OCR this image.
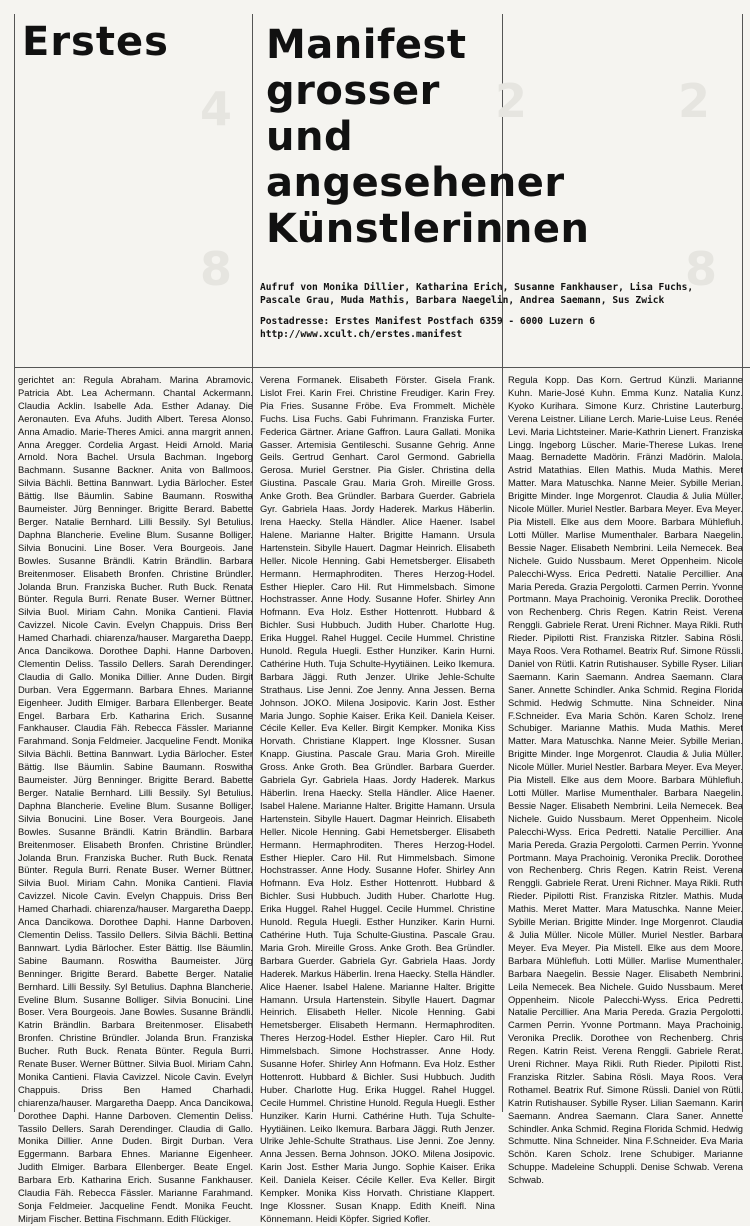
2	2
4
8	8
Erstes Manifest
grosser
und
angesehener
Künstlerinnen

Aufruf von Monika Dillier, Katharina Erich, Susanne Fankhauser, Lisa Fuchs, Pascale Grau, Muda Mathis, Barbara Naegelin, Andrea Saemann, Sus Zwick

Postadresse: Erstes Manifest Postfach 6359 - 6000 Luzern 6

http://www.xcult.ch/erstes.manifest

gerichtet an: Regula Abraham. Marina Abramovic. Patricia Abt. Lea Achermann. Chantal Ackermann. Claudia Acklin. Isabelle Ada. Esther Adanay. Die Aeronauten. Eva Afuhs. Judith Albert. Teresa Alonso. Anna Amadio. Marie-Theres Amici. anna margrit annen. Anna Aregger. Cordelia Argast. Heidi Arnold. Maria Arnold. Nora Bachel. Ursula Bachman. Ingeborg Bachmann. Susanne Backner. Anita von Ballmoos. Silvia Bächli. Bettina Bannwart. Lydia Bärlocher. Ester Bättig. Ilse Bäumlin. Sabine Baumann. Roswitha Baumeister. Jürg Benninger. Brigitte Berard. Babette Berger. Natalie Bernhard. Lilli Bessily. Syl Betulius. Daphna Blancherie. Eveline Blum. Susanne Bolliger. Silvia Bonucini. Line Boser. Vera Bourgeois. Jane Bowles. Susanne Brändli. Katrin Brändlin. Barbara Breitenmoser. Elisabeth Bronfen. Christine Bründler. Jolanda Brun. Franziska Bucher. Ruth Buck. Renata Bünter. Regula Burri. Renate Buser. Werner Büttner. Silvia Buol. Miriam Cahn. Monika Cantieni. Flavia Cavizzel. Nicole Cavin. Evelyn Chappuis. Driss Ben Hamed Charhadi. chiarenza/hauser. Margaretha Daepp. Anca Dancikowa. Dorothee Daphi. Hanne Darboven. Clementin Deliss. Tassilo Dellers. Sarah Derendinger. Claudia di Gallo. Monika Dillier. Anne Duden. Birgit Durban. Vera Eggermann. Barbara Ehnes. Marianne Eigenheer. Judith Elmiger. Barbara Ellenberger. Beate Engel. Barbara Erb. Katharina Erich. Susanne Fankhauser. Claudia Fäh. Rebecca Fässler. Marianne Farahmand. Sonja Feldmeier. Jacqueline Fendt. Monika Silvia Bächli. Bettina Bannwart. Lydia Bärlocher. Ester Bättig. Ilse Bäumlin. Sabine Baumann. Roswitha Baumeister. Jürg Benninger. Brigitte Berard. Babette Berger. Natalie Bernhard. Lilli Bessily. Syl Betulius. Daphna Blancherie. Eveline Blum. Susanne Bolliger. Silvia Bonucini. Line Boser. Vera Bourgeois. Jane Bowles. Susanne Brändli. Katrin Brändlin. Barbara Breitenmoser. Elisabeth Bronfen. Christine Bründler. Jolanda Brun. Franziska Bucher. Ruth Buck. Renata Bünter. Regula Burri. Renate Buser. Werner Büttner. Silvia Buol. Miriam Cahn. Monika Cantieni. Flavia Cavizzel. Nicole Cavin. Evelyn Chappuis. Driss Ben Hamed Charhadi. chiarenza/hauser. Margaretha Daepp. Anca Dancikowa. Dorothee Daphi. Hanne Darboven. Clementin Deliss. Tassilo Dellers. Silvia Bächli. Bettina Bannwart. Lydia Bärlocher. Ester Bättig. Ilse Bäumlin. Sabine Baumann. Roswitha Baumeister. Jürg Benninger. Brigitte Berard. Babette Berger. Natalie Bernhard. Lilli Bessily. Syl Betulius. Daphna Blancherie. Eveline Blum. Susanne Bolliger. Silvia Bonucini. Line Boser. Vera Bourgeois. Jane Bowles. Susanne Brändli. Katrin Brändlin. Barbara Breitenmoser. Elisabeth Bronfen. Christine Bründler. Jolanda Brun. Franziska Bucher. Ruth Buck. Renata Bünter. Regula Burri. Renate Buser. Werner Büttner. Silvia Buol. Miriam Cahn. Monika Cantieni. Flavia Cavizzel. Nicole Cavin. Evelyn Chappuis. Driss Ben Hamed Charhadi. chiarenza/hauser. Margaretha Daepp. Anca Dancikowa. Dorothee Daphi. Hanne Darboven. Clementin Deliss. Tassilo Dellers. Sarah Derendinger. Claudia di Gallo. Monika Dillier. Anne Duden. Birgit Durban. Vera Eggermann. Barbara Ehnes. Marianne Eigenheer. Judith Elmiger. Barbara Ellenberger. Beate Engel. Barbara Erb. Katharina Erich. Susanne Fankhauser. Claudia Fäh. Rebecca Fässler. Marianne Farahmand. Sonja Feldmeier. Jacqueline Fendt. Monika Feucht. Mirjam Fischer. Bettina Fischmann. Edith Flückiger.

Verena Formanek. Elisabeth Förster. Gisela Frank. Lislot Frei. Karin Frei. Christine Freudiger. Karin Frey. Pia Fries. Susanne Fröbe. Eva Frommelt. Michèle Fuchs. Lisa Fuchs. Gabi Fuhrimann. Franziska Furter. Federica Gärtner. Ariane Gaffron. Laura Gallati. Monika Gasser. Artemisia Gentileschi. Susanne Gehrig. Anne Geils. Gertrud Genhart. Carol Germond. Gabriella Gerosa. Muriel Gerstner. Pia Gisler. Christina della Giustina. Pascale Grau. Maria Groh. Mireille Gross. Anke Groth. Bea Gründler. Barbara Guerder. Gabriela Gyr. Gabriela Haas. Jordy Haderek. Markus Häberlin. Irena Haecky. Stella Händler. Alice Haener. Isabel Halene. Marianne Halter. Brigitte Hamann. Ursula Hartenstein. Sibylle Hauert. Dagmar Heinrich. Elisabeth Heller. Nicole Henning. Gabi Hemetsberger. Elisabeth Hermann. Hermaphroditen. Theres Herzog-Hodel. Esther Hiepler. Caro Hil. Rut Himmelsbach. Simone Hochstrasser. Anne Hody. Susanne Hofer. Shirley Ann Hofmann. Eva Holz. Esther Hottenrott. Hubbard & Bichler. Susi Hubbuch. Judith Huber. Charlotte Hug. Erika Huggel. Rahel Huggel. Cecile Hummel. Christine Hunold. Regula Huegli. Esther Hunziker. Karin Hurni. Cathérine Huth. Tuja Schulte-Hyytiäinen. Leiko Ikemura. Barbara Jäggi. Ruth Jenzer. Ulrike Jehle-Schulte Strathaus. Lise Jenni. Zoe Jenny. Anna Jessen. Berna Johnson. JOKO. Milena Josipovic. Karin Jost. Esther Maria Jungo. Sophie Kaiser. Erika Keil. Daniela Keiser. Cécile Keller. Eva Keller. Birgit Kempker. Monika Kiss Horvath. Christiane Klappert. Inge Klossner. Susan Knapp. Giustina. Pascale Grau. Maria Groh. Mireille Gross. Anke Groth. Bea Gründler. Barbara Guerder. Gabriela Gyr. Gabriela Haas. Jordy Haderek. Markus Häberlin. Irena Haecky. Stella Händler. Alice Haener. Isabel Halene. Marianne Halter. Brigitte Hamann. Ursula Hartenstein. Sibylle Hauert. Dagmar Heinrich. Elisabeth Heller. Nicole Henning. Gabi Hemetsberger. Elisabeth Hermann. Hermaphroditen. Theres Herzog-Hodel. Esther Hiepler. Caro Hil. Rut Himmelsbach. Simone Hochstrasser. Anne Hody. Susanne Hofer. Shirley Ann Hofmann. Eva Holz. Esther Hottenrott. Hubbard & Bichler. Susi Hubbuch. Judith Huber. Charlotte Hug. Erika Huggel. Rahel Huggel. Cecile Hummel. Christine Hunold. Regula Huegli. Esther Hunziker. Karin Hurni. Cathérine Huth. Tuja Schulte-Giustina. Pascale Grau. Maria Groh. Mireille Gross. Anke Groth. Bea Gründler. Barbara Guerder. Gabriela Gyr. Gabriela Haas. Jordy Haderek. Markus Häberlin. Irena Haecky. Stella Händler. Alice Haener. Isabel Halene. Marianne Halter. Brigitte Hamann. Ursula Hartenstein. Sibylle Hauert. Dagmar Heinrich. Elisabeth Heller. Nicole Henning. Gabi Hemetsberger. Elisabeth Hermann. Hermaphroditen. Theres Herzog-Hodel. Esther Hiepler. Caro Hil. Rut Himmelsbach. Simone Hochstrasser. Anne Hody. Susanne Hofer. Shirley Ann Hofmann. Eva Holz. Esther Hottenrott. Hubbard & Bichler. Susi Hubbuch. Judith Huber. Charlotte Hug. Erika Huggel. Rahel Huggel. Cecile Hummel. Christine Hunold. Regula Huegli. Esther Hunziker. Karin Hurni. Cathérine Huth. Tuja Schulte-Hyytiäinen. Leiko Ikemura. Barbara Jäggi. Ruth Jenzer. Ulrike Jehle-Schulte Strathaus. Lise Jenni. Zoe Jenny. Anna Jessen. Berna Johnson. JOKO. Milena Josipovic. Karin Jost. Esther Maria Jungo. Sophie Kaiser. Erika Keil. Daniela Keiser. Cécile Keller. Eva Keller. Birgit Kempker. Monika Kiss Horvath. Christiane Klappert. Inge Klossner. Susan Knapp. Edith Kneifl. Nina Könnemann. Heidi Köpfer. Sigried Kofler.

Regula Kopp. Das Korn. Gertrud Künzli. Marianne Kuhn. Marie-José Kuhn. Emma Kunz. Natalia Kunz. Kyoko Kurihara. Simone Kurz. Christine Lauterburg. Verena Leistner. Liliane Lerch. Marie-Luise Leus. Renée Levi. Maria Lichtsteiner. Marie-Kathrin Lienert. Franziska Lingg. Ingeborg Lüscher. Marie-Therese Lukas. Irene Maag. Bernadette Madörin. Fränzi Madörin. Malola. Astrid Matathias. Ellen Mathis. Muda Mathis. Meret Matter. Mara Matuschka. Nanne Meier. Sybille Merian. Brigitte Minder. Inge Morgenrot. Claudia & Julia Müller. Nicole Müller. Muriel Nestler. Barbara Meyer. Eva Meyer. Pia Mistell. Elke aus dem Moore. Barbara Mühlefluh. Lotti Müller. Marlise Mumenthaler. Barbara Naegelin. Bessie Nager. Elisabeth Nembrini. Leila Nemecek. Bea Nichele. Guido Nussbaum. Meret Oppenheim. Nicole Palecchi-Wyss. Erica Pedretti. Natalie Percillier. Ana Maria Pereda. Grazia Pergolotti. Carmen Perrin. Yvonne Portmann. Maya Prachoinig. Veronika Preclik. Dorothee von Rechenberg. Chris Regen. Katrin Reist. Verena Renggli. Gabriele Rerat. Ureni Richner. Maya Rikli. Ruth Rieder. Pipilotti Rist. Franziska Ritzler. Sabina Rösli. Maya Roos. Vera Rothamel. Beatrix Ruf. Simone Rüssli. Daniel von Rütli. Katrin Rutishauser. Sybille Ryser. Lilian Saemann. Karin Saemann. Andrea Saemann. Clara Saner. Annette Schindler. Anka Schmid. Regina Florida Schmid. Hedwig Schmutte. Nina Schneider. Nina F.Schneider. Eva Maria Schön. Karen Scholz. Irene Schubiger. Marianne Mathis. Muda Mathis. Meret Matter. Mara Matuschka. Nanne Meier. Sybille Merian. Brigitte Minder. Inge Morgenrot. Claudia & Julia Müller. Nicole Müller. Muriel Nestler. Barbara Meyer. Eva Meyer. Pia Mistell. Elke aus dem Moore. Barbara Mühlefluh. Lotti Müller. Marlise Mumenthaler. Barbara Naegelin. Bessie Nager. Elisabeth Nembrini. Leila Nemecek. Bea Nichele. Guido Nussbaum. Meret Oppenheim. Nicole Palecchi-Wyss. Erica Pedretti. Natalie Percillier. Ana Maria Pereda. Grazia Pergolotti. Carmen Perrin. Yvonne Portmann. Maya Prachoinig. Veronika Preclik. Dorothee von Rechenberg. Chris Regen. Katrin Reist. Verena Renggli. Gabriele Rerat. Ureni Richner. Maya Rikli. Ruth Rieder. Pipilotti Rist. Franziska Ritzler. Mathis. Muda Mathis. Meret Matter. Mara Matuschka. Nanne Meier. Sybille Merian. Brigitte Minder. Inge Morgenrot. Claudia & Julia Müller. Nicole Müller. Muriel Nestler. Barbara Meyer. Eva Meyer. Pia Mistell. Elke aus dem Moore. Barbara Mühlefluh. Lotti Müller. Marlise Mumenthaler. Barbara Naegelin. Bessie Nager. Elisabeth Nembrini. Leila Nemecek. Bea Nichele. Guido Nussbaum. Meret Oppenheim. Nicole Palecchi-Wyss. Erica Pedretti. Natalie Percillier. Ana Maria Pereda. Grazia Pergolotti. Carmen Perrin. Yvonne Portmann. Maya Prachoinig. Veronika Preclik. Dorothee von Rechenberg. Chris Regen. Katrin Reist. Verena Renggli. Gabriele Rerat. Ureni Richner. Maya Rikli. Ruth Rieder. Pipilotti Rist. Franziska Ritzler. Sabina Rösli. Maya Roos. Vera Rothamel. Beatrix Ruf. Simone Rüssli. Daniel von Rütli. Katrin Rutishauser. Sybille Ryser. Lilian Saemann. Karin Saemann. Andrea Saemann. Clara Saner. Annette Schindler. Anka Schmid. Regina Florida Schmid. Hedwig Schmutte. Nina Schneider. Nina F.Schneider. Eva Maria Schön. Karen Scholz. Irene Schubiger. Marianne Schuppe. Madeleine Schuppli. Denise Schwab. Verena Schwab.
